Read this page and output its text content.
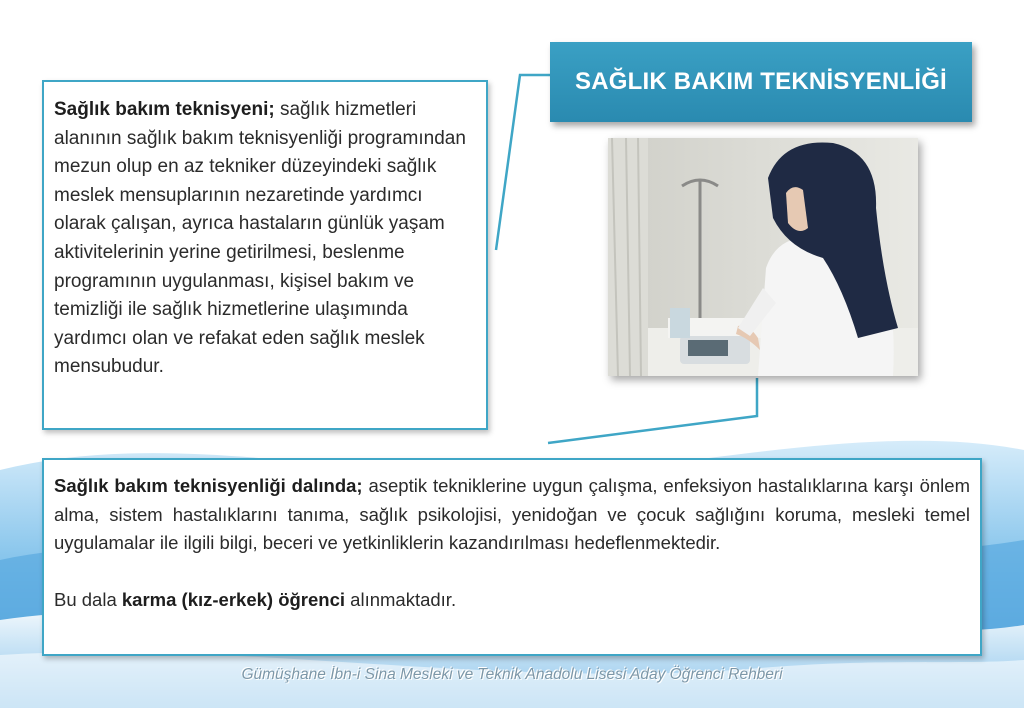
SAĞLIK BAKIM TEKNİSYENLİĞİ
Sağlık bakım teknisyeni; sağlık hizmetleri alanının sağlık bakım teknisyenliği programından mezun olup en az tekniker düzeyindeki sağlık meslek mensuplarının nezaretinde yardımcı olarak çalışan, ayrıca hastaların günlük yaşam aktivitelerinin yerine getirilmesi, beslenme programının uygulanması, kişisel bakım ve temizliği ile sağlık hizmetlerine ulaşımında yardımcı olan ve refakat eden sağlık meslek mensubudur.

Sağlık bakım teknisyenliği dalında; aseptik tekniklerine uygun çalışma, enfeksiyon hastalıklarına karşı önlem alma, sistem hastalıklarını tanıma, sağlık psikolojisi, yenidoğan ve çocuk sağlığını koruma, mesleki temel uygulamalar ile ilgili bilgi, beceri ve yetkinliklerin kazandırılması hedeflenmektedir.

Bu dala karma (kız-erkek) öğrenci alınmaktadır.

Gümüşhane İbn-i Sina Mesleki ve Teknik Anadolu Lisesi Aday Öğrenci Rehberi
